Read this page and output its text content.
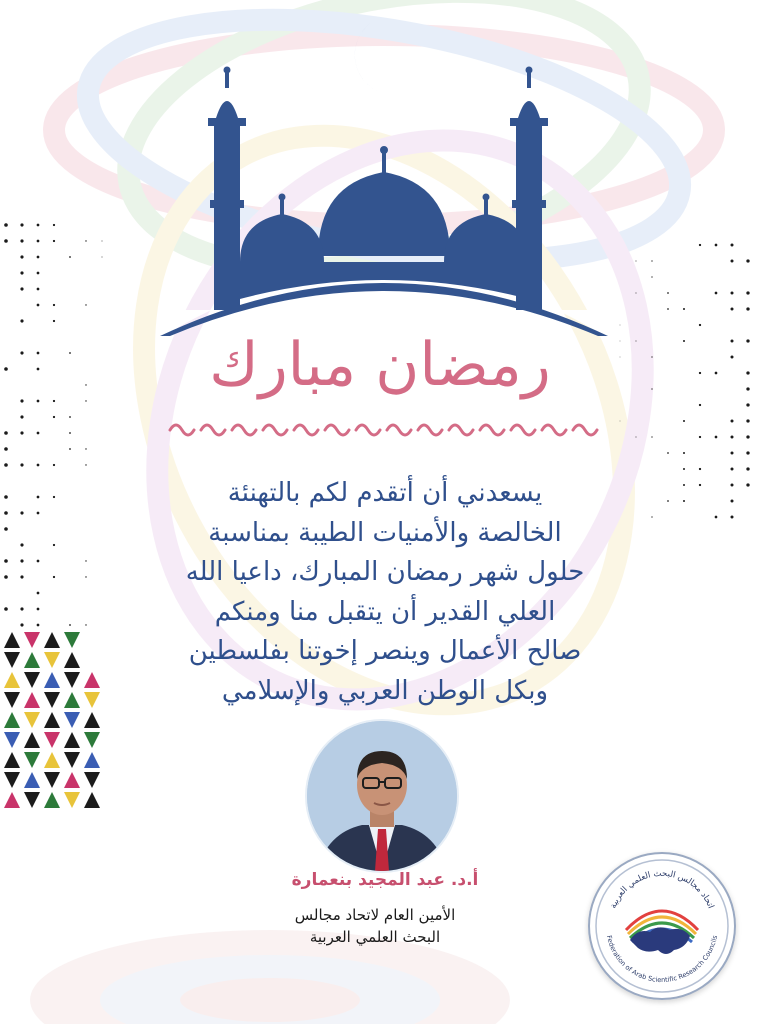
رمضان مبارك
يسعدني أن أتقدم لكم بالتهنئة
الخالصة والأمنيات الطيبة بمناسبة
حلول شهر رمضان المبارك، داعيا الله
العلي القدير أن يتقبل منا ومنكم
صالح الأعمال وينصر إخوتنا بفلسطين
وبكل الوطن العربي والإسلامي
أ.د. عبد المجيد بنعمارة
الأمين العام لاتحاد مجالس
البحث العلمي العربية
اتحاد مجالس البحث العلمي العربية
Federation of Arab Scientific Research Councils
